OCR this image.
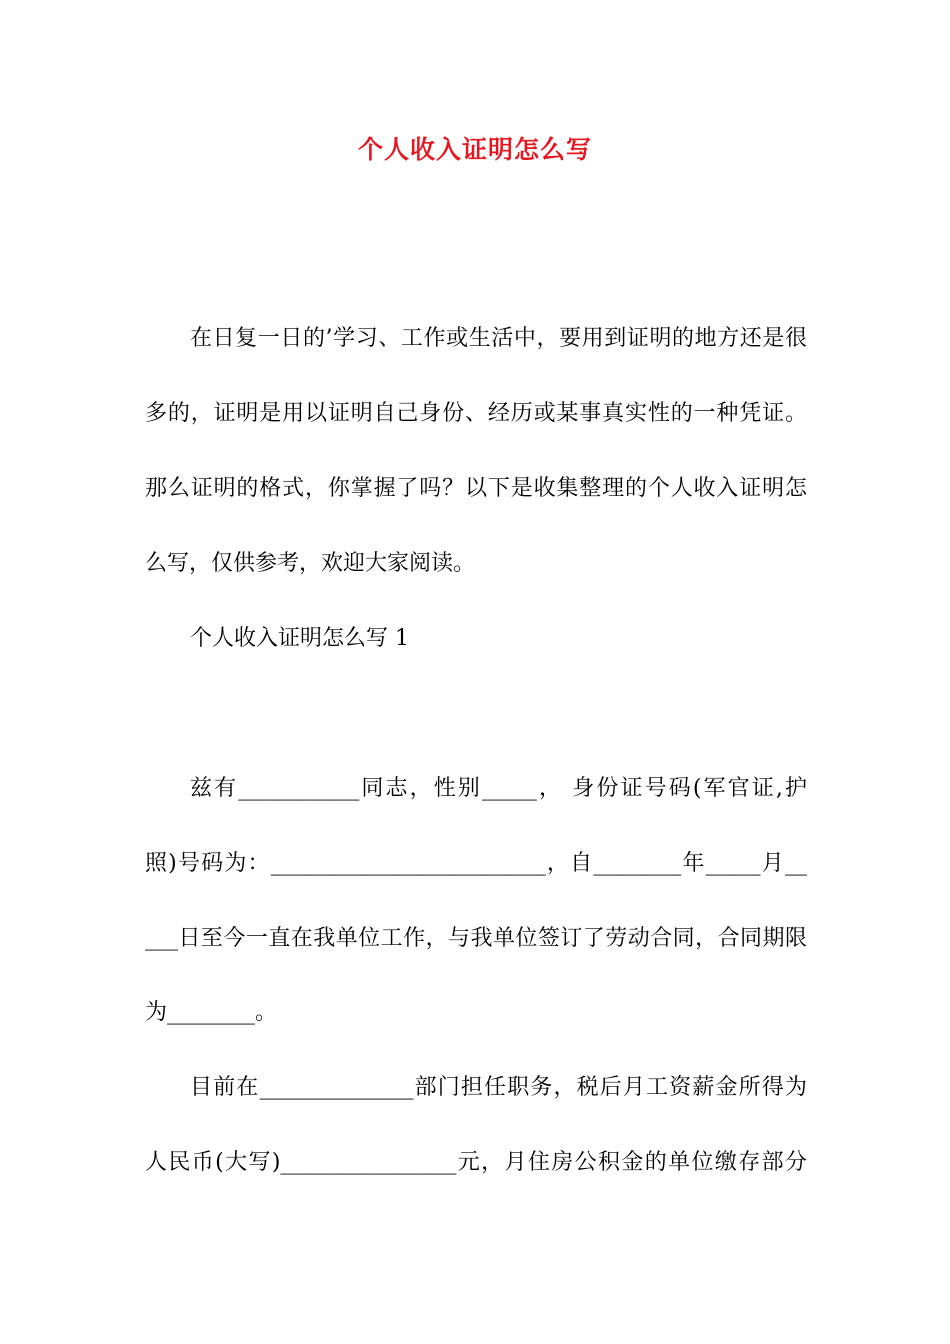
个人收入证明怎么写
在日复一日的’学习、工作或生活中，要用到证明的地方还是很
多的，证明是用以证明自己身份、经历或某事真实性的一种凭证。
那么证明的格式，你掌握了吗？以下是收集整理的个人收入证明怎
么写，仅供参考，欢迎大家阅读。
个人收入证明怎么写 1
兹有___________同志，性别_____， 身份证号码(军官证,护
照)号码为：_________________________，自________年_____月__
___日至今一直在我单位工作，与我单位签订了劳动合同，合同期限
为________。
目前在______________部门担任职务，税后月工资薪金所得为
人民币(大写)________________元，月住房公积金的单位缴存部分
